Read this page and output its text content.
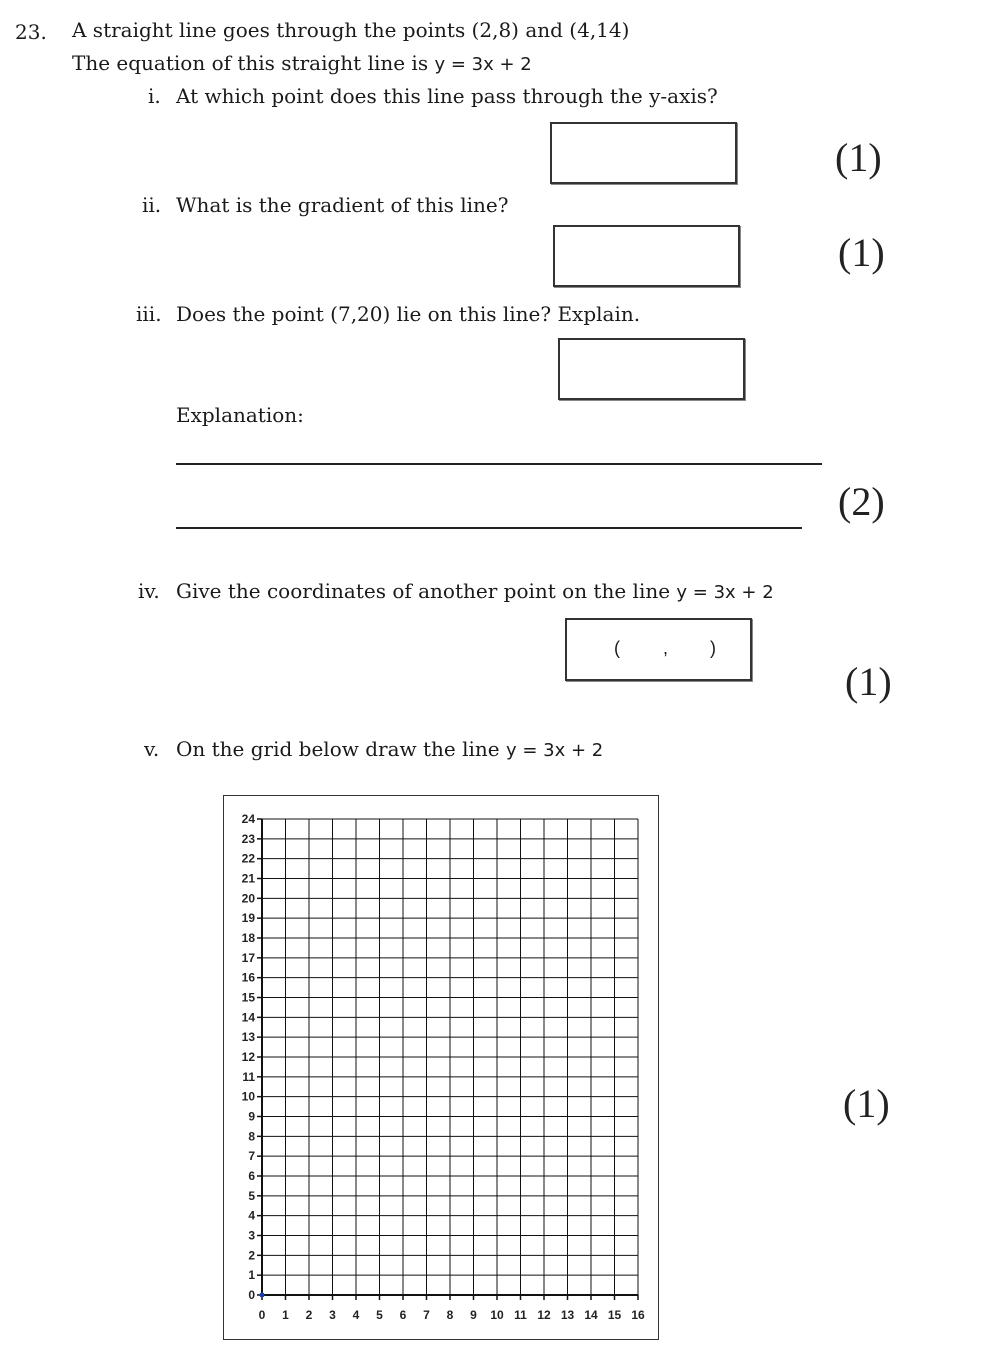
23. A straight line goes through the points (2,8) and (4,14)
The equation of this straight line is y = 3x + 2
i. At which point does this line pass through the y-axis?
(1)
ii. What is the gradient of this line?
(1)
iii. Does the point (7,20) lie on this line? Explain.
Explanation:
(2)
iv. Give the coordinates of another point on the line y = 3x + 2
( , )
(1)
v. On the grid below draw the line y = 3x + 2
0
1
2
3
4
5
6
7
8
9
10
11
12
13
14
15
16
17
18
19
20
21
22
23
24
0 1 2 3 4 5 6 7 8 9 10 11 12 13 14 15 16
(1)
